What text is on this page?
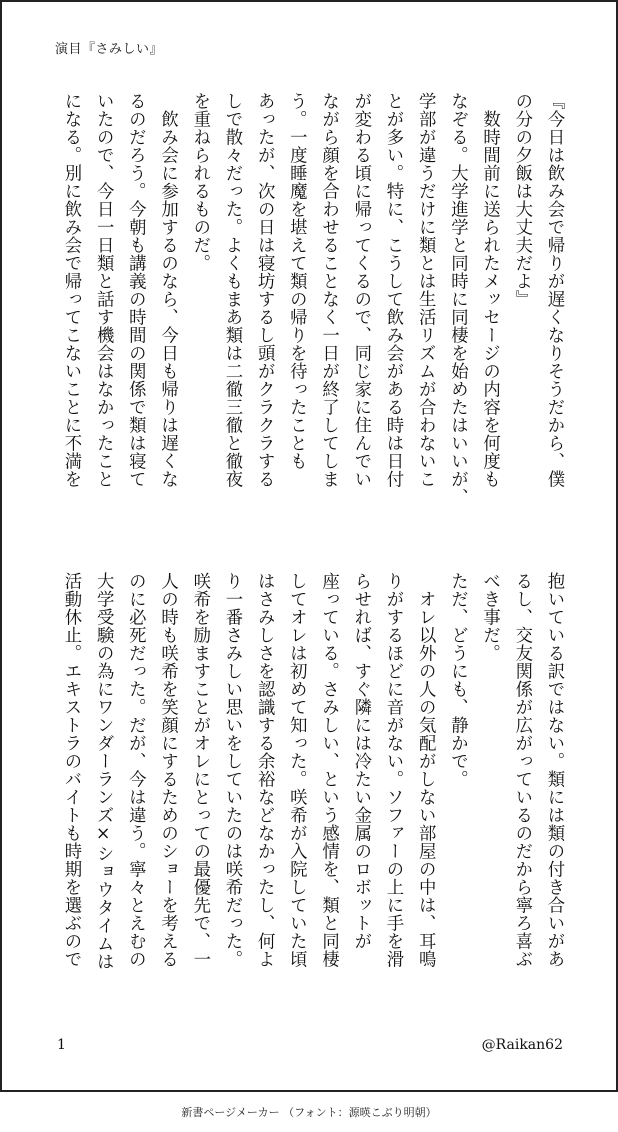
演目『さみしい』
『今日は飲み会で帰りが遅くなりそうだから、僕
の分の夕飯は大丈夫だよ』
　数時間前に送られたメッセージの内容を何度も
なぞる。大学進学と同時に同棲を始めたはいいが、
学部が違うだけに類とは生活リズムが合わないこ
とが多い。特に、こうして飲み会がある時は日付
が変わる頃に帰ってくるので、同じ家に住んでい
ながら顔を合わせることなく一日が終了してしま
う。一度睡魔を堪えて類の帰りを待ったことも
あったが、次の日は寝坊するし頭がクラクラする
しで散々だった。よくもまあ類は二徹三徹と徹夜
を重ねられるものだ。
　飲み会に参加するのなら、今日も帰りは遅くな
るのだろう。今朝も講義の時間の関係で類は寝て
いたので、今日一日類と話す機会はなかったこと
になる。別に飲み会で帰ってこないことに不満を
抱いている訳ではない。類には類の付き合いがあ
るし、交友関係が広がっているのだから寧ろ喜ぶ
べき事だ。
ただ、どうにも、静かで。
　オレ以外の人の気配がしない部屋の中は、耳鳴
りがするほどに音がない。ソファーの上に手を滑
らせれば、すぐ隣には冷たい金属のロボットが
座っている。さみしい、という感情を、類と同棲
してオレは初めて知った。咲希が入院していた頃
はさみしさを認識する余裕などなかったし、何よ
り一番さみしい思いをしていたのは咲希だった。
咲希を励ますことがオレにとっての最優先で、一
人の時も咲希を笑顔にするためのショーを考える
のに必死だった。だが、今は違う。寧々とえむの
大学受験の為にワンダーランズ×ショウタイムは
活動休止。エキストラのバイトも時期を選ぶので
1	@Raikan62
新書ページメーカー （フォント：源暎こぶり明朝）
